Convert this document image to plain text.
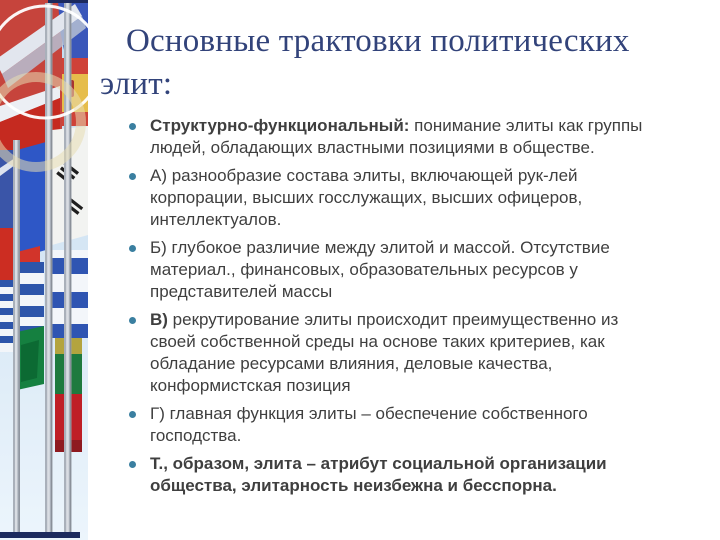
Основные трактовки политических
элит:
Структурно-функциональный: понимание элиты как группы
людей, обладающих властными позициями в обществе.
А) разнообразие состава элиты, включающей рук-лей
корпорации, высших госслужащих, высших офицеров,
интеллектуалов.
Б) глубокое различие между элитой и массой. Отсутствие
материал., финансовых, образовательных ресурсов у
представителей массы
В) рекрутирование элиты происходит преимущественно из
своей собственной среды на основе таких критериев, как
обладание ресурсами влияния, деловые качества,
конформистская позиция
Г) главная функция элиты – обеспечение собственного
господства.
Т., образом, элита – атрибут социальной организации
общества, элитарность неизбежна и бесспорна.
